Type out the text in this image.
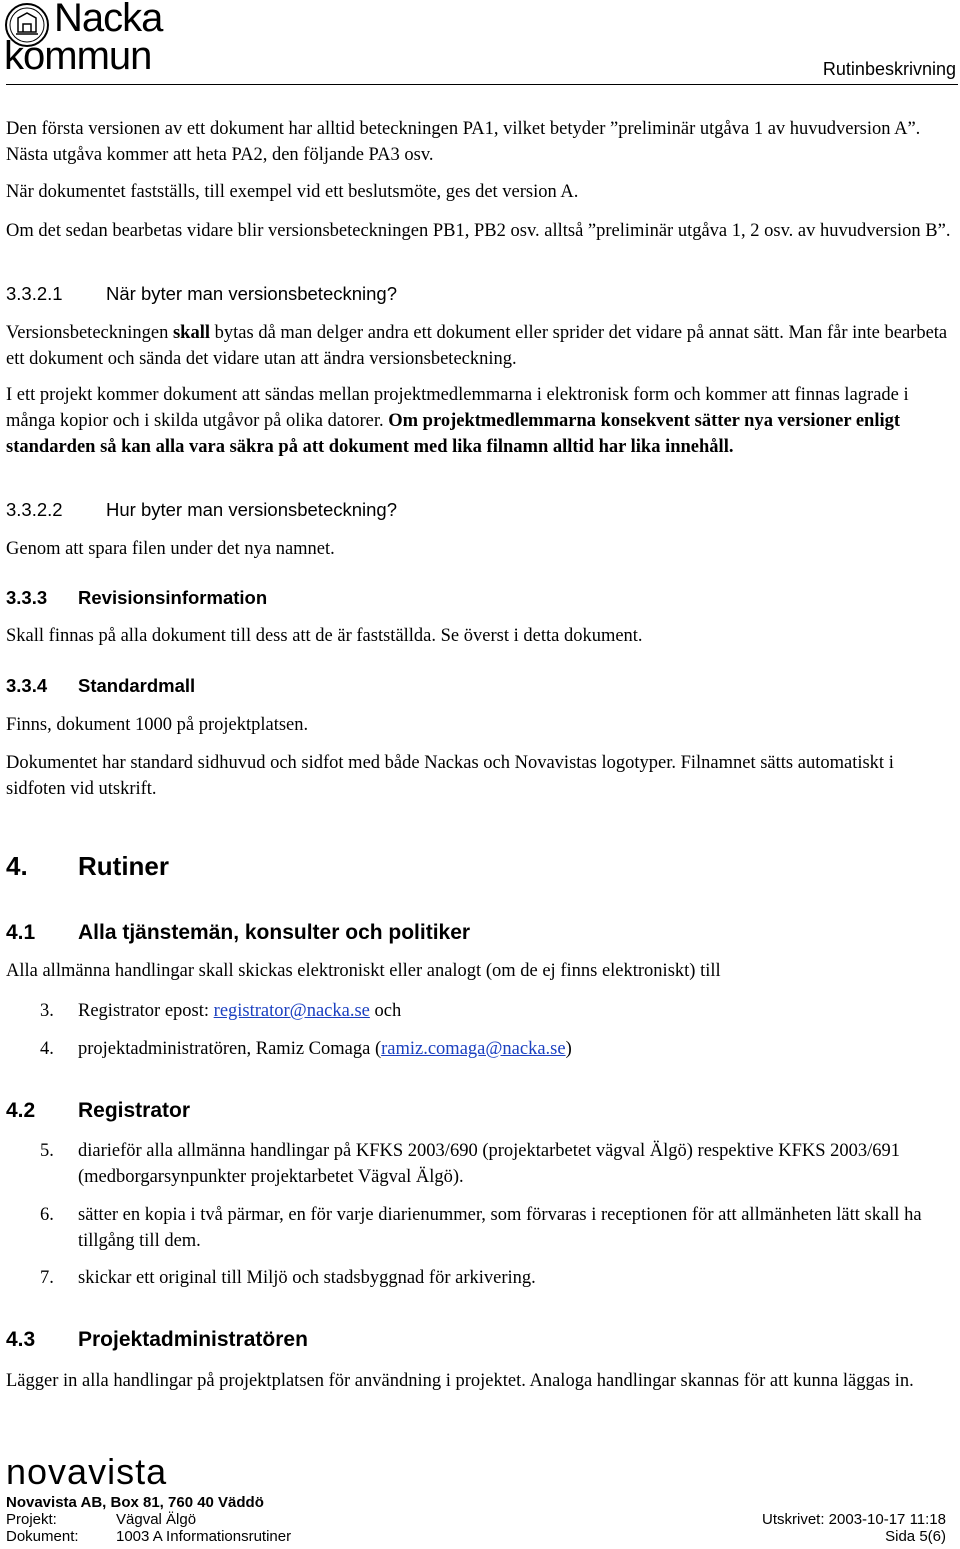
Nacka
kommun	Rutinbeskrivning
Den första versionen av ett dokument har alltid beteckningen PA1, vilket betyder ”preliminär utgåva 1 av huvudversion A”. Nästa utgåva kommer att heta PA2, den följande PA3 osv.
När dokumentet fastställs, till exempel vid ett beslutsmöte, ges det version A.
Om det sedan bearbetas vidare blir versionsbeteckningen PB1, PB2 osv. alltså ”preliminär utgåva 1, 2 osv. av huvudversion B”.
3.3.2.1 När byter man versionsbeteckning?
Versionsbeteckningen skall bytas då man delger andra ett dokument eller sprider det vidare på annat sätt. Man får inte bearbeta ett dokument och sända det vidare utan att ändra versionsbeteckning.
I ett projekt kommer dokument att sändas mellan projektmedlemmarna i elektronisk form och kommer att finnas lagrade i många kopior och i skilda utgåvor på olika datorer. Om projektmedlemmarna konsekvent sätter nya versioner enligt standarden så kan alla vara säkra på att dokument med lika filnamn alltid har lika innehåll.
3.3.2.2 Hur byter man versionsbeteckning?
Genom att spara filen under det nya namnet.
3.3.3 Revisionsinformation
Skall finnas på alla dokument till dess att de är fastställda. Se överst i detta dokument.
3.3.4 Standardmall
Finns, dokument 1000 på projektplatsen.
Dokumentet har standard sidhuvud och sidfot med både Nackas och Novavistas logotyper. Filnamnet sätts automatiskt i sidfoten vid utskrift.
4. Rutiner
4.1 Alla tjänstemän, konsulter och politiker
Alla allmänna handlingar skall skickas elektroniskt eller analogt (om de ej finns elektroniskt) till
3. Registrator epost: registrator@nacka.se och
4. projektadministratören, Ramiz Comaga (ramiz.comaga@nacka.se)
4.2 Registrator
5. diarieför alla allmänna handlingar på KFKS 2003/690 (projektarbetet vägval Älgö) respektive KFKS 2003/691 (medborgarsynpunkter projektarbetet Vägval Älgö).
6. sätter en kopia i två pärmar, en för varje diarienummer, som förvaras i receptionen för att allmänheten lätt skall ha tillgång till dem.
7. skickar ett original till Miljö och stadsbyggnad för arkivering.
4.3 Projektadministratören
Lägger in alla handlingar på projektplatsen för användning i projektet. Analoga handlingar skannas för att kunna läggas in.
novavista
Novavista AB, Box 81, 760 40 Väddö
Projekt:	Vägval Älgö	Utskrivet: 2003-10-17 11:18
Dokument: 1003 A Informationsrutiner	Sida 5(6)
